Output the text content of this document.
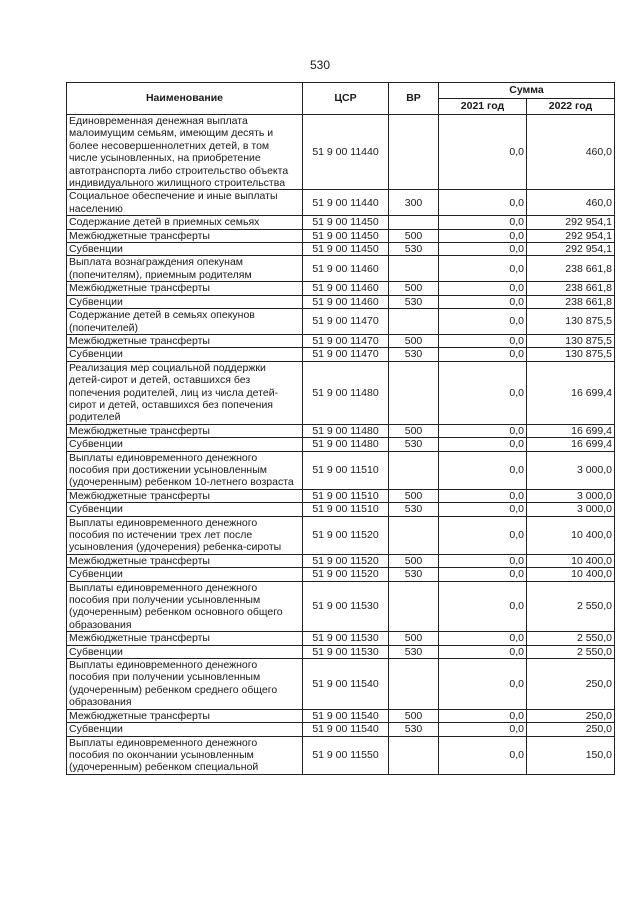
530
Наименование	ЦСР	ВР	Сумма	
			2021 год	2022 год
Единовременная денежная выплата малоимущим семьям, имеющим десять и более несовершеннолетних детей, в том числе усыновленных, на приобретение автотранспорта либо строительство объекта индивидуального жилищного строительства	51 9 00 11440		0,0	460,0
Социальное обеспечение и иные выплаты населению	51 9 00 11440	300	0,0	460,0
Содержание детей в приемных семьях	51 9 00 11450		0,0	292 954,1
Межбюджетные трансферты	51 9 00 11450	500	0,0	292 954,1
Субвенции	51 9 00 11450	530	0,0	292 954,1
Выплата вознаграждения опекунам (попечителям), приемным родителям	51 9 00 11460		0,0	238 661,8
Межбюджетные трансферты	51 9 00 11460	500	0,0	238 661,8
Субвенции	51 9 00 11460	530	0,0	238 661,8
Содержание детей в семьях опекунов (попечителей)	51 9 00 11470		0,0	130 875,5
Межбюджетные трансферты	51 9 00 11470	500	0,0	130 875,5
Субвенции	51 9 00 11470	530	0,0	130 875,5
Реализация мер социальной поддержки детей-сирот и детей, оставшихся без попечения родителей, лиц из числа детей-сирот и детей, оставшихся без попечения родителей	51 9 00 11480		0,0	16 699,4
Межбюджетные трансферты	51 9 00 11480	500	0,0	16 699,4
Субвенции	51 9 00 11480	530	0,0	16 699,4
Выплаты единовременного денежного пособия при достижении усыновленным (удочеренным) ребенком 10-летнего возраста	51 9 00 11510		0,0	3 000,0
Межбюджетные трансферты	51 9 00 11510	500	0,0	3 000,0
Субвенции	51 9 00 11510	530	0,0	3 000,0
Выплаты единовременного денежного пособия по истечении трех лет после усыновления (удочерения) ребенка-сироты	51 9 00 11520		0,0	10 400,0
Межбюджетные трансферты	51 9 00 11520	500	0,0	10 400,0
Субвенции	51 9 00 11520	530	0,0	10 400,0
Выплаты единовременного денежного пособия при получении усыновленным (удочеренным) ребенком основного общего образования	51 9 00 11530		0,0	2 550,0
Межбюджетные трансферты	51 9 00 11530	500	0,0	2 550,0
Субвенции	51 9 00 11530	530	0,0	2 550,0
Выплаты единовременного денежного пособия при получении усыновленным (удочеренным) ребенком среднего общего образования	51 9 00 11540		0,0	250,0
Межбюджетные трансферты	51 9 00 11540	500	0,0	250,0
Субвенции	51 9 00 11540	530	0,0	250,0
Выплаты единовременного денежного пособия по окончании усыновленным (удочеренным) ребенком специальной	51 9 00 11550		0,0	150,0
